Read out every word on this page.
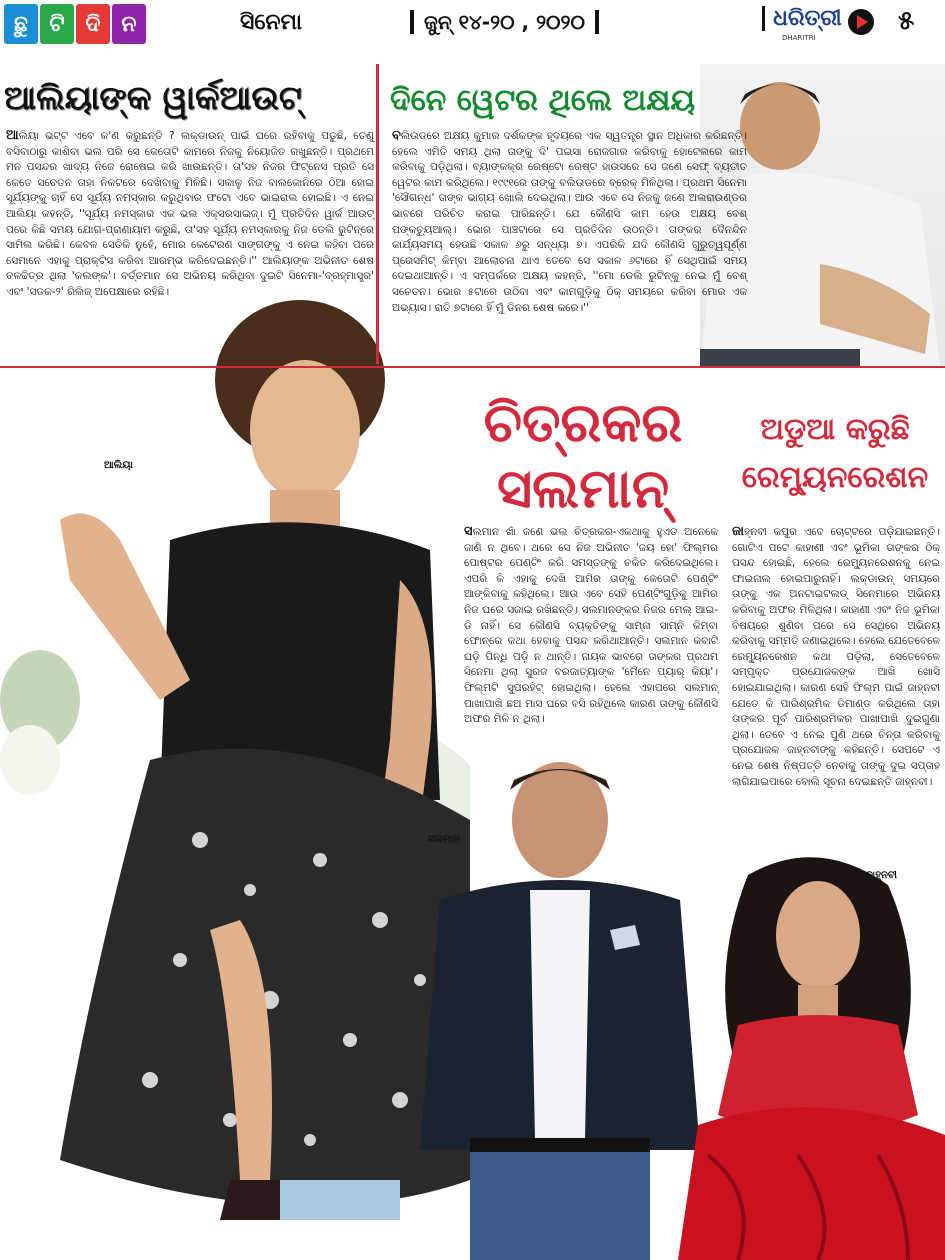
ଛୁ ଟି ଦି ନ	ସିନେମା	ଜୁନ୍ ୧୪-୨୦ , ୨୦୨୦	ଧରିତ୍ରୀ
DHARITRI
୫
ଆଲିୟାଙ୍କ ୱାର୍କଆଉଟ୍	ଦିନେ ୱେଟର ଥିଲେ ଅକ୍ଷୟ
ଆଲିୟା ଭଟ୍ଟ ଏବେ କ'ଣ କରୁଛନ୍ତି ? ଲକ୍‌ଡାଉନ୍ ପାଇଁ ଘରେ ରହିବାକୁ ପଡୁଛି, ତେଣୁ ବସିବାଠାରୁ କାଶିବା ଭଲ ପରି ସେ କେତୋଟି କାମରେ ନିଜକୁ ନିୟୋଜିତ ରଖୁଛନ୍ତି। ପ୍ରଥମେ ମନ ପସନ୍ଦର ଖାଦ୍ୟ ନିଜେ ରୋଷେଇ କରି ଖାଉଛନ୍ତି। ତା'ସହ ନିଜର ଫିଟ୍‌ନେସ ପ୍ରତି ସେ କେତେ ସଚେତନ ତାହା ନିକଟରେ ଦେଖିବାକୁ ମିଳିଛି। ସକାଳୁ ନିଜ ବାଲକୋନିରେ ଠିଆ ହୋଇ ସୂର୍ଯ୍ୟଙ୍କୁ ଚାହିଁ ସେ ସୂର୍ଯ୍ୟ ନମସ୍କାର କରୁଥିବାର ଫଟୋ ଏବେ ଭାଇରାଲ ହୋଇଛି। ଏ ନେଇ ଆଲିୟା କହନ୍ତି, ''ସୂର୍ଯ୍ୟ ନମସ୍କାର ଏକ ଭଲ ଏକ୍ସରସାଇଜ୍। ମୁଁ ପ୍ରତିଦିନ ୱାର୍କ ଆଉଟ୍ ପରେ କିଛି ସମୟ ଯୋଗ-ପ୍ରାଣାୟାମ କରୁଛି, ତା'ସହ ସୂର୍ଯ୍ୟ ନମସ୍କାରକୁ ନିଜ ଡେଲି ରୁଟିନ୍‌ରେ ସାମିଲ କରିଛି। କେବଳ ସେତିକି ନୁହେଁ, ମୋର କେଟେରଣ ସାଙ୍ଗଙ୍କୁ ଏ ନେଇ କହିବା ପରେ ସେମାନେ ଏହାକୁ ପ୍ରାକ୍ଟିସ କରିବା ଆରମ୍ଭ କରିଦେଇଛନ୍ତି।'' ଆଲିୟାଙ୍କ ଅଭିନୀତ ଶେଷ ଚଳଚ୍ଚିତ୍ର ଥିଲା 'କଲଙ୍କ'। ବର୍ତ୍ତମାନ ସେ ଅଭିନୟ କରିଥିବା ଦୁଇଟି ସିନେମା-'ବ୍ରହ୍ମାସ୍ତ୍ର' ଏବଂ 'ସଡକ-୨' ରିଲିଜ୍ ଅପେକ୍ଷାରେ ରହିଛି।
ବଲିଉଡରେ ଅକ୍ଷୟ କୁମାର ଦର୍ଶକଙ୍କ ହୃଦୟରେ ଏକ ସ୍ୱତନ୍ତ୍ର ସ୍ଥାନ ଅଧିକାର କରିଛନ୍ତି। ହେଲେ ଏମିତି ସମୟ ଥିଲା ତାଙ୍କୁ ଦି' ପଇସା ରୋଜଗାର କରିବାକୁ ହୋଟେଲରେ କାମ କରିବାକୁ ପଡ଼ିଥିଲା। ବ୍ୟାଙ୍କକ୍ର ରେଷ୍ଟୋ ରେଷ୍ଟ ହାଉସରେ ସେ ଜଣେ ସେଫ୍ ବ୍ୟତୀତ ୱେଟର କାମ କରିଥିଲେ। ୧୯୯୧ରେ ତାଙ୍କୁ ବଲିଉଡରେ ବ୍ରେକ୍ ମିଳିଥିଲା। ପ୍ରଥମ ସିନେମା 'ସୌଗନ୍ଧ' ତାଙ୍କ ଭାଗ୍ୟ ଖୋଲି ଦେଇଥିଲା। ଆଉ ଏବେ ସେ ନିଜକୁ ଜଣେ ଅଲରାଉଣ୍ଡର ଭାବରେ ପରିଚିତ କରାଇ ପାରିଛନ୍ତି। ଯେ କୌଣସି କାମ ହେଉ ଅକ୍ଷୟ ବେଶ୍ ପଙ୍କଚ୍ୟୁଆଲ୍। ଭୋର ପାଞ୍ଚଟାରେ ସେ ପ୍ରତିଦିନ ଉଠନ୍ତି। ତାଙ୍କର ଦୈନନ୍ଦିନ କାର୍ଯ୍ୟସମୟ ହେଉଛି ସକାଳ ୬ରୁ ସନ୍ଧ୍ୟା ୭। ଏପରିକି ଯଦି କୌଣସି ଗୁରୁତ୍ୱପୂର୍ଣ୍ଣ ପ୍ରେସମିଟ୍ କିମ୍ବା ଆଲୋଚନା ଥାଏ ତେବେ ସେ ସକାଳ ୬ଟାରେ ହିଁ ସେଥିପାଇଁ ସମୟ ଦେଇଥାଆନ୍ତି। ଏ ସମ୍ପର୍କରେ ଅକ୍ଷୟ କହନ୍ତି, ''ମୋ ଡେଲି ରୁଟିନ୍‌କୁ ନେଇ ମୁଁ ବେଶ୍ ସଚେତନ। ଭୋର ୫ଟାରେ ଉଠିବା ଏବଂ କାମଗୁଡ଼ିକୁ ଠିକ୍ ସମୟରେ କରିବା ମୋର ଏକ ଅଭ୍ୟାସ। ରାତି ୭ଟାରେ ହିଁ ମୁଁ ଡିନର ଶେଷ କରେ।''
ଚିତ୍ରକର
ସଲମାନ୍
ଅଡୁଆ କରୁଛି
ରେମ୍ୟୁନରେଶନ
ସଲମାନ ଖାଁ ଜଣେ ଭଲ ଚିତ୍ରକର-ଏକଥାକୁ ହୁଏତ ଅନେକେ ଜାଣି ନ ଥିବେ। ଥରେ ସେ ନିଜ ଅଭିନୀତ 'ଜୟ ହୋ' ଫିଲ୍ମର ପୋଷ୍ଟର ପେଣ୍ଟିଂ କରି ସମସ୍ତଙ୍କୁ ଚକିତ କରିଦେଇଥିଲେ। ଏପରି କି ଏହାକୁ ଦେଖି ଆମିର ତାଙ୍କୁ କେତୋଟି ପେଣ୍ଟିଂ ଆଙ୍କିବାକୁ କହିଥିଲେ। ଆଉ ଏବେ ସେହି ପେଣ୍ଟିଂଗୁଡ଼ିକୁ ଆମିର ନିଜ ଘରେ ସଜାଇ ରଖିଛନ୍ତି। ସଲମାନଙ୍କର ନିଜର ମେଲ୍ ଆଇ-ଡି ନାହିଁ। ସେ କୌଣସି ବ୍ୟକ୍ତିଙ୍କୁ ସାମ୍ନା ସାମ୍ନି କିମ୍ବା ଫୋନ୍‌ରେ କଥା ହେବାକୁ ପସନ୍ଦ କରିଥାଆନ୍ତି। ସଲମାନ କବାଟି ଘଡ଼ି ପିନ୍ଧି ପଡ଼ି ନ ଥାନ୍ତି। ନାୟକ ଭାବରେ ତାଙ୍କର ପ୍ରଥମ ସିନେମା ଥିଲା ସୁରଜ ବରଜାତ୍ୟାଙ୍କ 'ମୈନେ ପ୍ୟାର୍ କିୟା'। ଫିଲ୍ମଟି ସୁପରହିଟ୍ ହୋଇଥିଲା। ହେଲେ ଏହାପରେ ସଲମାନ୍ ପାଖାପାଖି ଛଅ ମାସ ଘରେ ବସି ରହିଥିଲେ କାରଣ ତାଙ୍କୁ କୌଣସି ଅଫର ମିଳି ନ ଥିଲା।
ଜାହ୍ନବୀ କପୁର ଏବେ ଚୋଟ୍ଟରେ ପଡ଼ିଯାଇଛନ୍ତି। ଗୋଟିଏ ପଟେ କାହାଣୀ ଏବଂ ଭୂମିକା ତାଙ୍କର ଠିକ୍ ପସନ୍ଦ ହୋଇଛି, ହେଲେ ରେମ୍ୟୁନରେଶନକୁ ନେଇ ଫାଇନାଲ ହୋଇପାରୁନାହିଁ। ଲକ୍‌ଡାଉନ୍ ସମୟରେ ତାଙ୍କୁ ଏକ ଅନଟାଇଟଲଡ୍ ସିନେମାରେ ଅଭିନୟ କରିବାକୁ ଅଫର ମିଳିଥିଲା। କାହାଣୀ ଏବଂ ନିଜ ଭୂମିକା ବିଷୟରେ ଶୁଣିବା ପରେ ସେ ସେଥିରେ ଅଭିନୟ କରିବାକୁ ସମ୍ମତି ଜଣାଇଥିଲେ। ହେଲେ ଯେତେବେଳେ ରେମ୍ୟୁନରେଶନ କଥା ପଡ଼ିଲା, ସେତେବେଳେ ସମ୍ପୃକ୍ତ ପ୍ରଯୋଜକଙ୍କ ଆଖି ଖୋସି ହୋଇଯାଇଥିଲା। କାରଣ ସେହି ଫିଲ୍ମ ପାଇଁ ଜାହ୍ନବୀ ଯେତେ କି ପାରିଶ୍ରମିକ ଡିମାଣ୍ଡ କରିଥିଲେ ତାହା ତାଙ୍କର ପୂର୍ବ ପାରିଶ୍ରମିକର ପାଖାପାଖି ଦୁଇଗୁଣା ଥିଲା। ତେବେ ଏ ନେଇ ପୁଣି ଥରେ ଚିନ୍ତା କରିବାକୁ ପ୍ରଯୋଜକ ଜାହ୍ନବୀଙ୍କୁ କହିଛନ୍ତି। ସେପଟେ ଏ ନେଇ ଶେଷ ନିଷ୍ପତ୍ତି ନେବାକୁ ତାଙ୍କୁ ଦୁଇ ସପ୍ତାହ ଲାଗିଯାଇପାରେ ବୋଲି ସୂଚନା ଦେଇଛନ୍ତି ଜାହ୍ନବୀ।
ଆଲିୟା
ସଲମାନ
ଜାହ୍ନବୀ
